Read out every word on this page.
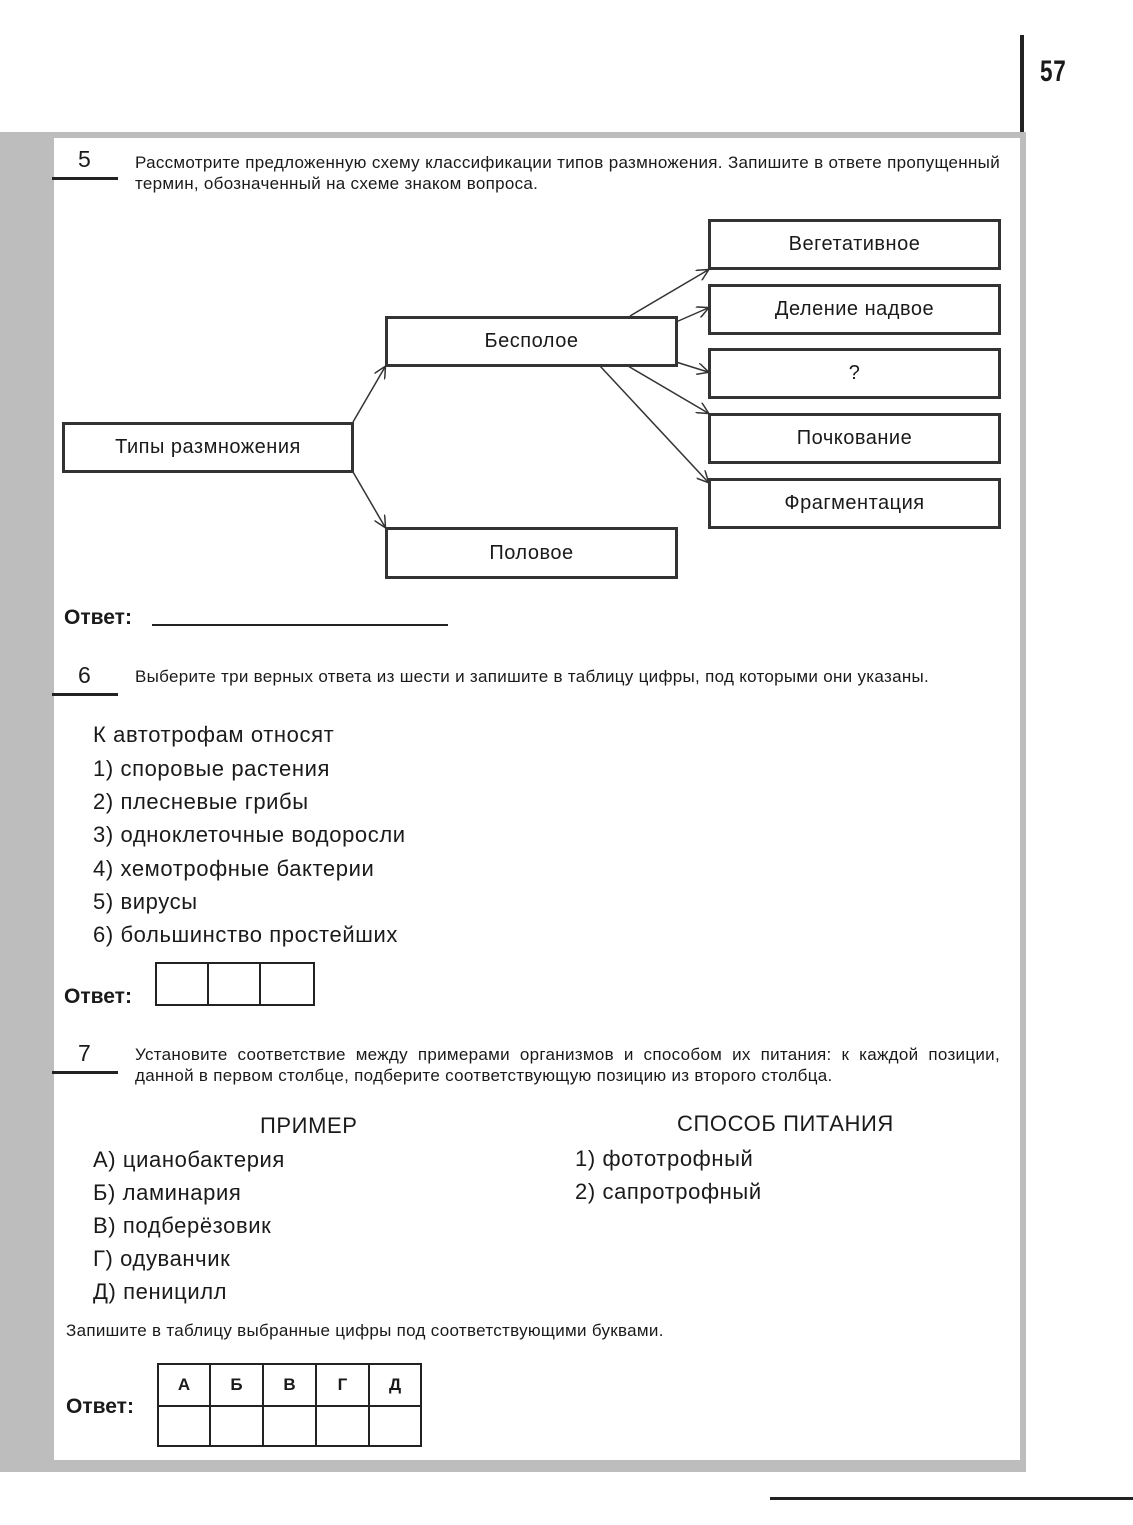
57
5	Рассмотрите предложенную схему классификации типов размножения. Запишите в ответе пропущенный термин, обозначенный на схеме знаком вопроса.
Типы размножения
Бесполое
Половое
Вегетативное
Деление надвое
?
Почкование
Фрагментация
Ответ:
6	Выберите три верных ответа из шести и запишите в таблицу цифры, под которыми они указаны.
К автотрофам относят
1) споровые растения
2) плесневые грибы
3) одноклеточные водоросли
4) хемотрофные бактерии
5) вирусы
6) большинство простейших
Ответ:
7	Установите соответствие между примерами организмов и способом их питания: к каждой позиции, данной в первом столбце, подберите соответствующую позицию из второго столбца.
ПРИМЕР	СПОСОБ ПИТАНИЯ
А) цианобактерия
Б) ламинария
В) подберёзовик
Г) одуванчик
Д) пеницилл
1) фототрофный
2) сапротрофный
Запишите в таблицу выбранные цифры под соответствующими буквами.
Ответ:
А	Б	В	Г	Д
